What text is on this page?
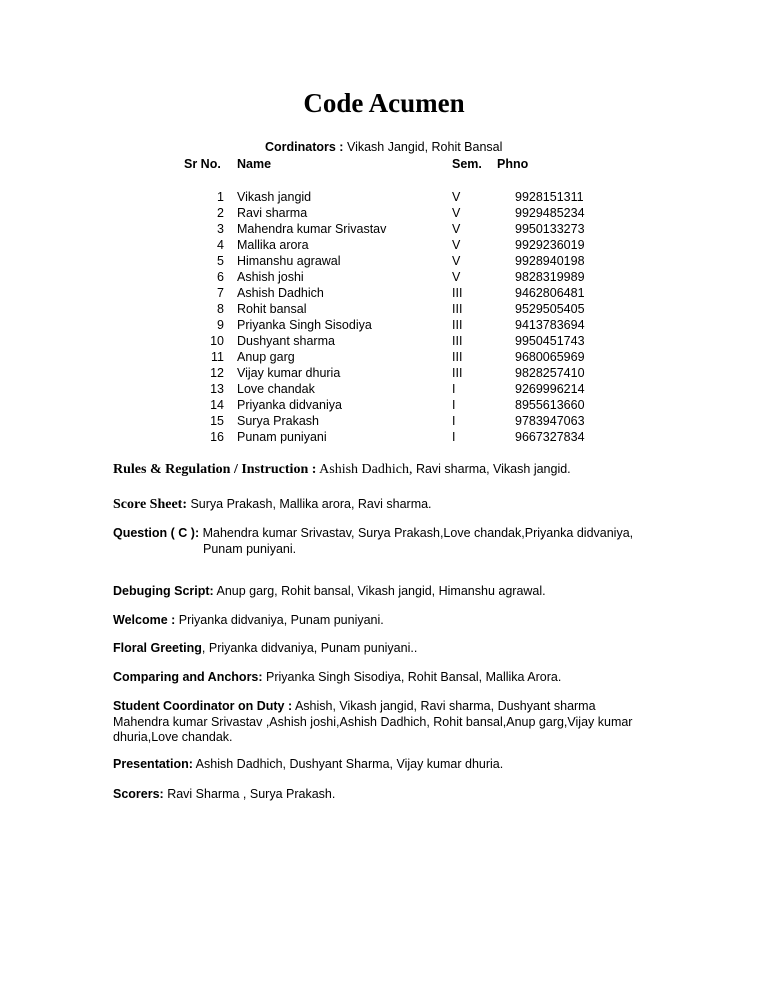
Code Acumen
Cordinators : Vikash Jangid, Rohit Bansal
Sr No. Name	Sem. Phno
1 Vikash jangid	V	9928151311
2 Ravi sharma	V	9929485234
3 Mahendra kumar Srivastav	V	9950133273
4 Mallika arora	V	9929236019
5 Himanshu agrawal	V	9928940198
6 Ashish joshi	V	9828319989
7 Ashish Dadhich	III	9462806481
8 Rohit bansal	III	9529505405
9 Priyanka Singh Sisodiya	III	9413783694
10 Dushyant sharma	III	9950451743
11 Anup garg	III	9680065969
12 Vijay kumar dhuria	III	9828257410
13 Love chandak	I	9269996214
14 Priyanka didvaniya	I	8955613660
15 Surya Prakash	I	9783947063
16 Punam puniyani	I	9667327834
Rules & Regulation / Instruction : Ashish Dadhich, Ravi sharma, Vikash jangid.
Score Sheet: Surya Prakash, Mallika arora, Ravi sharma.
Question ( C ): Mahendra kumar Srivastav, Surya Prakash,Love chandak,Priyanka didvaniya,
Punam puniyani.
Debuging Script: Anup garg, Rohit bansal, Vikash jangid, Himanshu agrawal.
Welcome : Priyanka didvaniya, Punam puniyani.
Floral Greeting, Priyanka didvaniya, Punam puniyani..
Comparing and Anchors: Priyanka Singh Sisodiya, Rohit Bansal, Mallika Arora.
Student Coordinator on Duty : Ashish, Vikash jangid, Ravi sharma, Dushyant sharma
Mahendra kumar Srivastav ,Ashish joshi,Ashish Dadhich, Rohit bansal,Anup garg,Vijay kumar
dhuria,Love chandak.
Presentation: Ashish Dadhich, Dushyant Sharma, Vijay kumar dhuria.
Scorers: Ravi Sharma , Surya Prakash.
